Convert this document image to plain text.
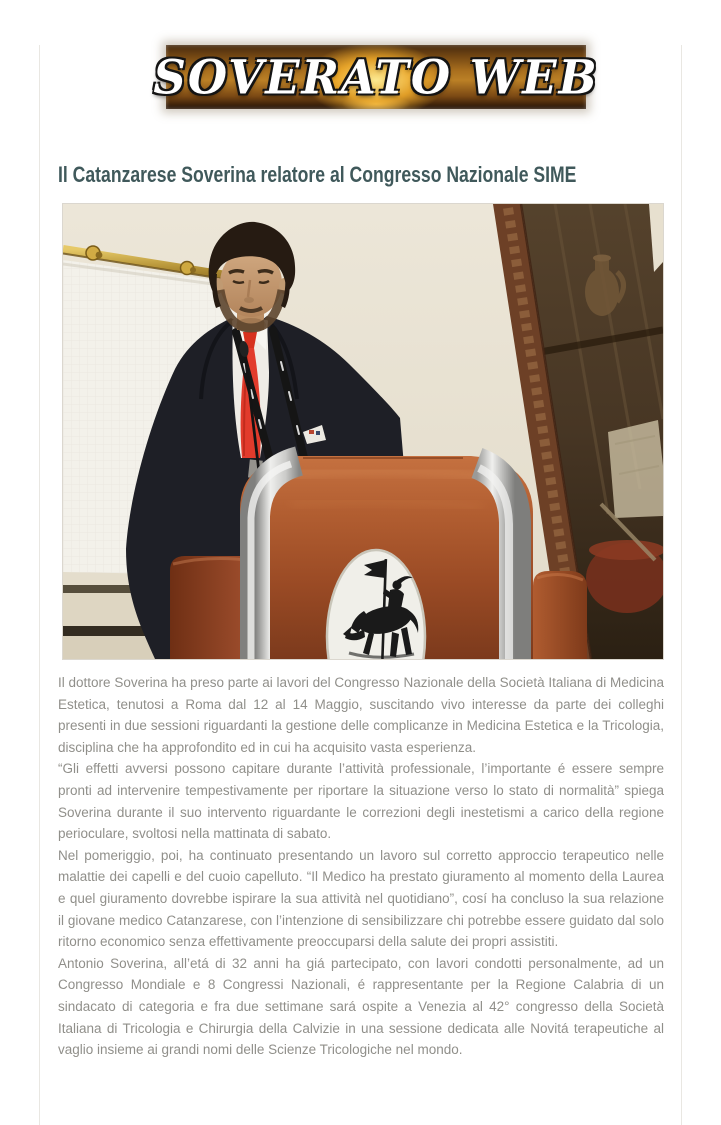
SOVERATO WEB
Il Catanzarese Soverina relatore al Congresso Nazionale SIME

Il dottore Soverina ha preso parte ai lavori del Congresso Nazionale della Società Italiana di Medicina Estetica, tenutosi a Roma dal 12 al 14 Maggio, suscitando vivo interesse da parte dei colleghi presenti in due sessioni riguardanti la gestione delle complicanze in Medicina Estetica e la Tricologia, disciplina che ha approfondito ed in cui ha acquisito vasta esperienza.

“Gli effetti avversi possono capitare durante l’attività professionale, l’importante é essere sempre pronti ad intervenire tempestivamente per riportare la situazione verso lo stato di normalità” spiega Soverina durante il suo intervento riguardante le correzioni degli inestetismi a carico della regione perioculare, svoltosi nella mattinata di sabato.

Nel pomeriggio, poi, ha continuato presentando un lavoro sul corretto approccio terapeutico nelle malattie dei capelli e del cuoio capelluto. “Il Medico ha prestato giuramento al momento della Laurea e quel giuramento dovrebbe ispirare la sua attività nel quotidiano”, cosí ha concluso la sua relazione il giovane medico Catanzarese, con l’intenzione di sensibilizzare chi potrebbe essere guidato dal solo ritorno economico senza effettivamente preoccuparsi della salute dei propri assistiti.

Antonio Soverina, all’etá di 32 anni ha giá partecipato, con lavori condotti personalmente, ad un Congresso Mondiale e 8 Congressi Nazionali, é rappresentante per la Regione Calabria di un sindacato di categoria e fra due settimane sará ospite a Venezia al 42° congresso della Società Italiana di Tricologia e Chirurgia della Calvizie in una sessione dedicata alle Novitá terapeutiche al vaglio insieme ai grandi nomi delle Scienze Tricologiche nel mondo.
